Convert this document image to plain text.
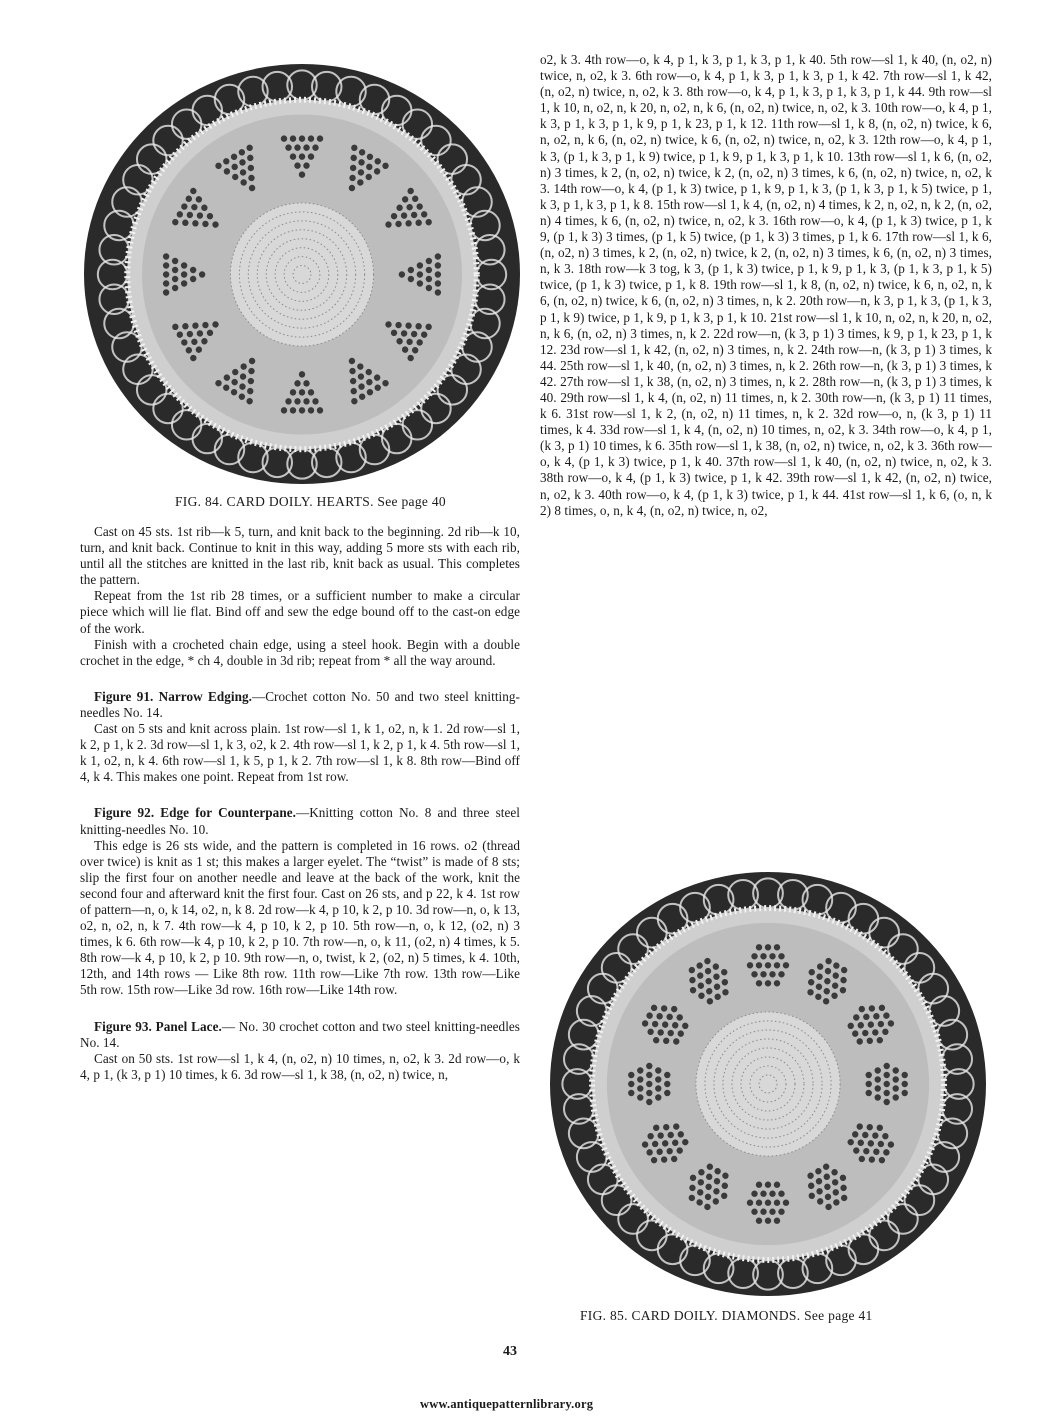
FIG. 84. CARD DOILY. HEARTS. See page 40

Cast on 45 sts. 1st rib—k 5, turn, and knit back to the beginning. 2d rib—k 10, turn, and knit back. Continue to knit in this way, adding 5 more sts with each rib, until all the stitches are knitted in the last rib, knit back as usual. This completes the pattern.

Repeat from the 1st rib 28 times, or a sufficient number to make a circular piece which will lie flat. Bind off and sew the edge bound off to the cast-on edge of the work.

Finish with a crocheted chain edge, using a steel hook. Begin with a double crochet in the edge, * ch 4, double in 3d rib; repeat from * all the way around.

Figure 91. Narrow Edging.—Crochet cotton No. 50 and two steel knitting-needles No. 14.

Cast on 5 sts and knit across plain. 1st row—sl 1, k 1, o2, n, k 1. 2d row—sl 1, k 2, p 1, k 2. 3d row—sl 1, k 3, o2, k 2. 4th row—sl 1, k 2, p 1, k 4. 5th row—sl 1, k 1, o2, n, k 4. 6th row—sl 1, k 5, p 1, k 2. 7th row—sl 1, k 8. 8th row—Bind off 4, k 4. This makes one point. Repeat from 1st row.

Figure 92. Edge for Counterpane.—Knitting cotton No. 8 and three steel knitting-needles No. 10.

This edge is 26 sts wide, and the pattern is completed in 16 rows. o2 (thread over twice) is knit as 1 st; this makes a larger eyelet. The “twist” is made of 8 sts; slip the first four on another needle and leave at the back of the work, knit the second four and afterward knit the first four. Cast on 26 sts, and p 22, k 4. 1st row of pattern—n, o, k 14, o2, n, k 8. 2d row—k 4, p 10, k 2, p 10. 3d row—n, o, k 13, o2, n, o2, n, k 7. 4th row—k 4, p 10, k 2, p 10. 5th row—n, o, k 12, (o2, n) 3 times, k 6. 6th row—k 4, p 10, k 2, p 10. 7th row—n, o, k 11, (o2, n) 4 times, k 5. 8th row—k 4, p 10, k 2, p 10. 9th row—n, o, twist, k 2, (o2, n) 5 times, k 4. 10th, 12th, and 14th rows — Like 8th row. 11th row—Like 7th row. 13th row—Like 5th row. 15th row—Like 3d row. 16th row—Like 14th row.

Figure 93. Panel Lace.— No. 30 crochet cotton and two steel knitting-needles No. 14.

Cast on 50 sts. 1st row—sl 1, k 4, (n, o2, n) 10 times, n, o2, k 3. 2d row—o, k 4, p 1, (k 3, p 1) 10 times, k 6. 3d row—sl 1, k 38, (n, o2, n) twice, n,

o2, k 3. 4th row—o, k 4, p 1, k 3, p 1, k 3, p 1, k 40. 5th row—sl 1, k 40, (n, o2, n) twice, n, o2, k 3. 6th row—o, k 4, p 1, k 3, p 1, k 3, p 1, k 42. 7th row—sl 1, k 42, (n, o2, n) twice, n, o2, k 3. 8th row—o, k 4, p 1, k 3, p 1, k 3, p 1, k 44. 9th row—sl 1, k 10, n, o2, n, k 20, n, o2, n, k 6, (n, o2, n) twice, n, o2, k 3. 10th row—o, k 4, p 1, k 3, p 1, k 3, p 1, k 9, p 1, k 23, p 1, k 12. 11th row—sl 1, k 8, (n, o2, n) twice, k 6, n, o2, n, k 6, (n, o2, n) twice, k 6, (n, o2, n) twice, n, o2, k 3. 12th row—o, k 4, p 1, k 3, (p 1, k 3, p 1, k 9) twice, p 1, k 9, p 1, k 3, p 1, k 10. 13th row—sl 1, k 6, (n, o2, n) 3 times, k 2, (n, o2, n) twice, k 2, (n, o2, n) 3 times, k 6, (n, o2, n) twice, n, o2, k 3. 14th row—o, k 4, (p 1, k 3) twice, p 1, k 9, p 1, k 3, (p 1, k 3, p 1, k 5) twice, p 1, k 3, p 1, k 3, p 1, k 8. 15th row—sl 1, k 4, (n, o2, n) 4 times, k 2, n, o2, n, k 2, (n, o2, n) 4 times, k 6, (n, o2, n) twice, n, o2, k 3. 16th row—o, k 4, (p 1, k 3) twice, p 1, k 9, (p 1, k 3) 3 times, (p 1, k 5) twice, (p 1, k 3) 3 times, p 1, k 6. 17th row—sl 1, k 6, (n, o2, n) 3 times, k 2, (n, o2, n) twice, k 2, (n, o2, n) 3 times, k 6, (n, o2, n) 3 times, n, k 3. 18th row—k 3 tog, k 3, (p 1, k 3) twice, p 1, k 9, p 1, k 3, (p 1, k 3, p 1, k 5) twice, (p 1, k 3) twice, p 1, k 8. 19th row—sl 1, k 8, (n, o2, n) twice, k 6, n, o2, n, k 6, (n, o2, n) twice, k 6, (n, o2, n) 3 times, n, k 2. 20th row—n, k 3, p 1, k 3, (p 1, k 3, p 1, k 9) twice, p 1, k 9, p 1, k 3, p 1, k 10. 21st row—sl 1, k 10, n, o2, n, k 20, n, o2, n, k 6, (n, o2, n) 3 times, n, k 2. 22d row—n, (k 3, p 1) 3 times, k 9, p 1, k 23, p 1, k 12. 23d row—sl 1, k 42, (n, o2, n) 3 times, n, k 2. 24th row—n, (k 3, p 1) 3 times, k 44. 25th row—sl 1, k 40, (n, o2, n) 3 times, n, k 2. 26th row—n, (k 3, p 1) 3 times, k 42. 27th row—sl 1, k 38, (n, o2, n) 3 times, n, k 2. 28th row—n, (k 3, p 1) 3 times, k 40. 29th row—sl 1, k 4, (n, o2, n) 11 times, n, k 2. 30th row—n, (k 3, p 1) 11 times, k 6. 31st row—sl 1, k 2, (n, o2, n) 11 times, n, k 2. 32d row—o, n, (k 3, p 1) 11 times, k 4. 33d row—sl 1, k 4, (n, o2, n) 10 times, n, o2, k 3. 34th row—o, k 4, p 1, (k 3, p 1) 10 times, k 6. 35th row—sl 1, k 38, (n, o2, n) twice, n, o2, k 3. 36th row—o, k 4, (p 1, k 3) twice, p 1, k 40. 37th row—sl 1, k 40, (n, o2, n) twice, n, o2, k 3. 38th row—o, k 4, (p 1, k 3) twice, p 1, k 42. 39th row—sl 1, k 42, (n, o2, n) twice, n, o2, k 3. 40th row—o, k 4, (p 1, k 3) twice, p 1, k 44. 41st row—sl 1, k 6, (o, n, k 2) 8 times, o, n, k 4, (n, o2, n) twice, n, o2,

FIG. 85. CARD DOILY. DIAMONDS. See page 41
43
www.antiquepatternlibrary.org
